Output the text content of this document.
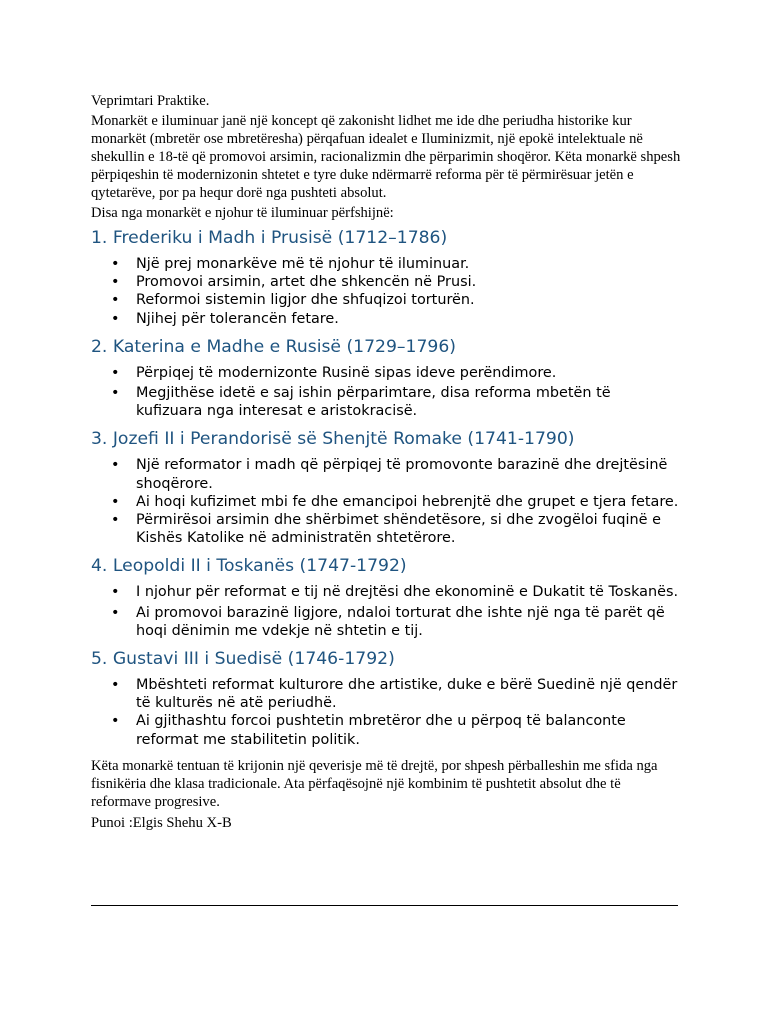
Veprimtari Praktike.

Monarkët e iluminuar janë një koncept që zakonisht lidhet me ide dhe periudha historike kur monarkët (mbretër ose mbretëresha) përqafuan idealet e Iluminizmit, një epokë intelektuale në shekullin e 18-të që promovoi arsimin, racionalizmin dhe përparimin shoqëror. Këta monarkë shpesh përpiqeshin të modernizonin shtetet e tyre duke ndërmarrë reforma për të përmirësuar jetën e qytetarëve, por pa hequr dorë nga pushteti absolut.

Disa nga monarkët e njohur të iluminuar përfshijnë:

1. Frederiku i Madh i Prusisë (1712–1786)
• Një prej monarkëve më të njohur të iluminuar.
• Promovoi arsimin, artet dhe shkencën në Prusi.
• Reformoi sistemin ligjor dhe shfuqizoi torturën.
• Njihej për tolerancën fetare.
2. Katerina e Madhe e Rusisë (1729–1796)
• Përpiqej të modernizonte Rusinë sipas ideve perëndimore.
• Megjithëse idetë e saj ishin përparimtare, disa reforma mbetën të kufizuara nga interesat e aristokracisë.
3. Jozefi II i Perandorisë së Shenjtë Romake (1741-1790)
• Një reformator i madh që përpiqej të promovonte barazinë dhe drejtësinë shoqërore.
• Ai hoqi kufizimet mbi fe dhe emancipoi hebrenjtë dhe grupet e tjera fetare.
• Përmirësoi arsimin dhe shërbimet shëndetësore, si dhe zvogëloi fuqinë e Kishës Katolike në administratën shtetërore.
4. Leopoldi II i Toskanës (1747-1792)
• I njohur për reformat e tij në drejtësi dhe ekonominë e Dukatit të Toskanës.
• Ai promovoi barazinë ligjore, ndaloi torturat dhe ishte një nga të parët që hoqi dënimin me vdekje në shtetin e tij.
5. Gustavi III i Suedisë (1746-1792)
• Mbështeti reformat kulturore dhe artistike, duke e bërë Suedinë një qendër të kulturës në atë periudhë.
• Ai gjithashtu forcoi pushtetin mbretëror dhe u përpoq të balanconte reformat me stabilitetin politik.

Këta monarkë tentuan të krijonin një qeverisje më të drejtë, por shpesh përballeshin me sfida nga fisnikëria dhe klasa tradicionale. Ata përfaqësojnë një kombinim të pushtetit absolut dhe të reformave progresive.

Punoi :Elgis Shehu X-B
